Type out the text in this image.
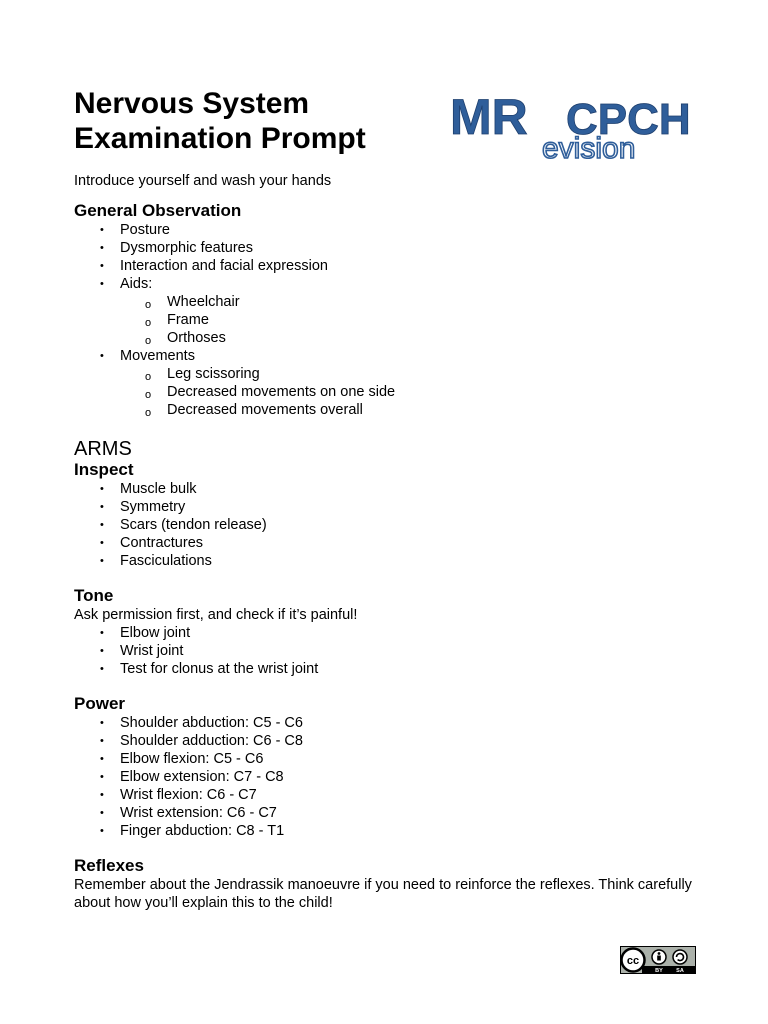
Nervous System
Examination Prompt	MR CPCH
evision

Introduce yourself and wash your hands

General Observation
• Posture
• Dysmorphic features
• Interaction and facial expression
• Aids:
o Wheelchair
o Frame
o Orthoses
• Movements
o Leg scissoring
o Decreased movements on one side
o Decreased movements overall
ARMS
Inspect
• Muscle bulk
• Symmetry
• Scars (tendon release)
• Contractures
• Fasciculations
Tone

Ask permission first, and check if it’s painful!

• Elbow joint
• Wrist joint
• Test for clonus at the wrist joint
Power
• Shoulder abduction: C5 - C6
• Shoulder adduction: C6 - C8
• Elbow flexion: C5 - C6
• Elbow extension: C7 - C8
• Wrist flexion: C6 - C7
• Wrist extension: C6 - C7
• Finger abduction: C8 - T1
Reflexes

Remember about the Jendrassik manoeuvre if you need to reinforce the reflexes. Think carefully about how you’ll explain this to the child!

cc
BY SA
